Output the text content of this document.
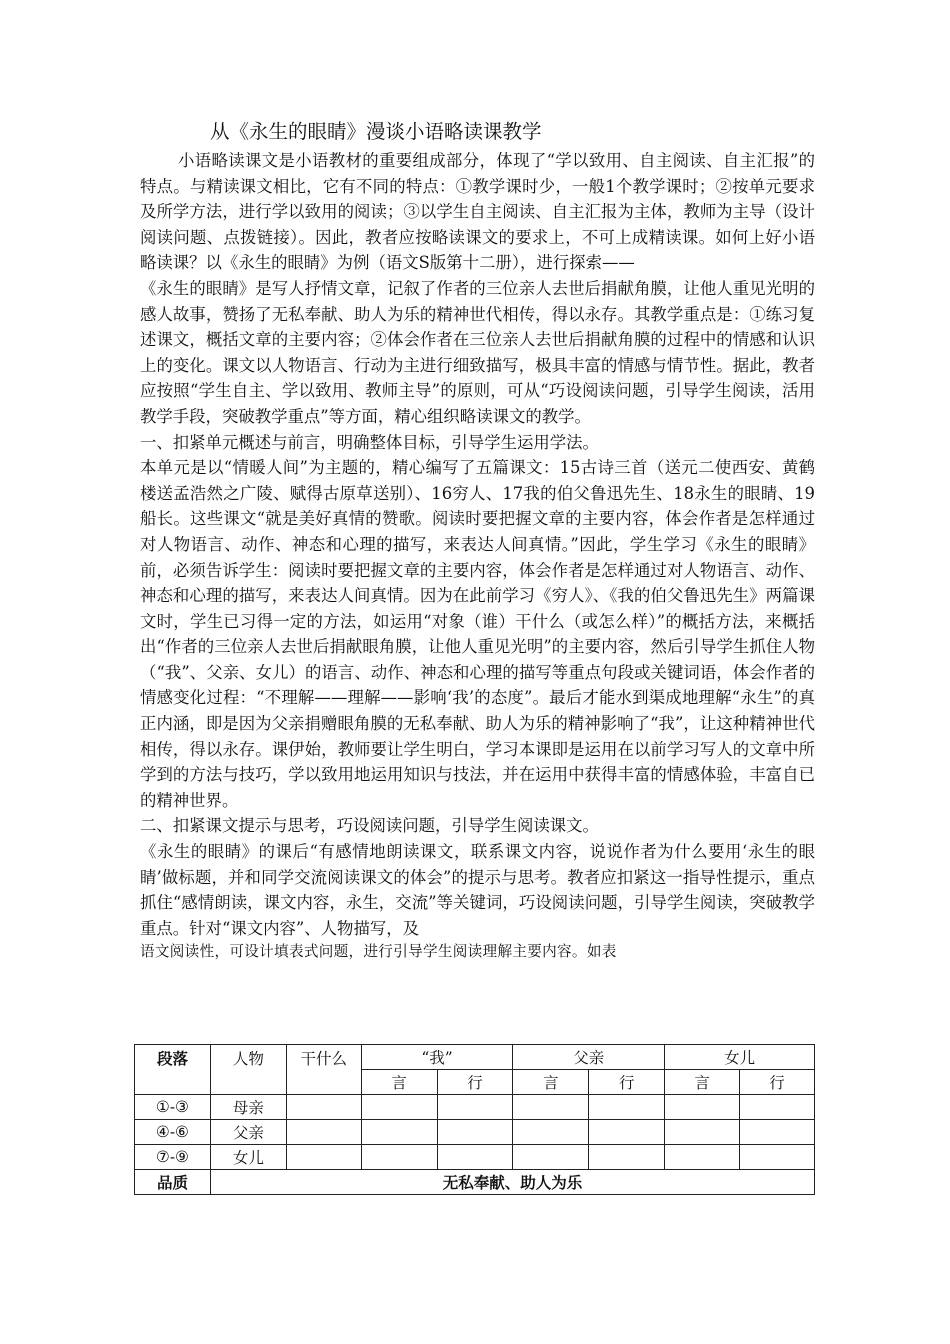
从《永生的眼睛》漫谈小语略读课教学

小语略读课文是小语教材的重要组成部分，体现了“学以致用、自主阅读、自主汇报”的特点。与精读课文相比，它有不同的特点：①教学课时少，一般1个教学课时；②按单元要求及所学方法，进行学以致用的阅读；③以学生自主阅读、自主汇报为主体，教师为主导（设计阅读问题、点拨链接）。因此，教者应按略读课文的要求上，不可上成精读课。如何上好小语略读课？以《永生的眼睛》为例（语文S版第十二册），进行探索——

《永生的眼睛》是写人抒情文章，记叙了作者的三位亲人去世后捐献角膜，让他人重见光明的感人故事，赞扬了无私奉献、助人为乐的精神世代相传，得以永存。其教学重点是：①练习复述课文，概括文章的主要内容；②体会作者在三位亲人去世后捐献角膜的过程中的情感和认识上的变化。课文以人物语言、行动为主进行细致描写，极具丰富的情感与情节性。据此，教者应按照“学生自主、学以致用、教师主导”的原则，可从“巧设阅读问题，引导学生阅读，活用教学手段，突破教学重点”等方面，精心组织略读课文的教学。

一、扣紧单元概述与前言，明确整体目标，引导学生运用学法。

本单元是以“情暖人间”为主题的，精心编写了五篇课文：15古诗三首（送元二使西安、黄鹤楼送孟浩然之广陵、赋得古原草送别）、16穷人、17我的伯父鲁迅先生、18永生的眼睛、19船长。这些课文“就是美好真情的赞歌。阅读时要把握文章的主要内容，体会作者是怎样通过对人物语言、动作、神态和心理的描写，来表达人间真情。”因此，学生学习《永生的眼睛》前，必须告诉学生：阅读时要把握文章的主要内容，体会作者是怎样通过对人物语言、动作、神态和心理的描写，来表达人间真情。因为在此前学习《穷人》、《我的伯父鲁迅先生》两篇课文时，学生已习得一定的方法，如运用“对象（谁）干什么（或怎么样）”的概括方法，来概括出“作者的三位亲人去世后捐献眼角膜，让他人重见光明”的主要内容，然后引导学生抓住人物（“我”、父亲、女儿）的语言、动作、神态和心理的描写等重点句段或关键词语，体会作者的情感变化过程：“不理解——理解——影响‘我’的态度”。最后才能水到渠成地理解“永生”的真正内涵，即是因为父亲捐赠眼角膜的无私奉献、助人为乐的精神影响了“我”，让这种精神世代相传，得以永存。课伊始，教师要让学生明白，学习本课即是运用在以前学习写人的文章中所学到的方法与技巧，学以致用地运用知识与技法，并在运用中获得丰富的情感体验，丰富自已的精神世界。

二、扣紧课文提示与思考，巧设阅读问题，引导学生阅读课文。

《永生的眼睛》的课后“有感情地朗读课文，联系课文内容，说说作者为什么要用‘永生的眼睛’做标题，并和同学交流阅读课文的体会”的提示与思考。教者应扣紧这一指导性提示，重点抓住“感情朗读，课文内容，永生，交流”等关键词，巧设阅读问题，引导学生阅读，突破教学重点。针对“课文内容”、人物描写，及

语文阅读性，可设计填表式问题，进行引导学生阅读理解主要内容。如表

段落	人物	干什么	“我”		父亲		女儿	
			言	行	言	行	言	行
①-③	母亲							
④-⑥	父亲							
⑦-⑨	女儿							
品质	无私奉献、助人为乐							
